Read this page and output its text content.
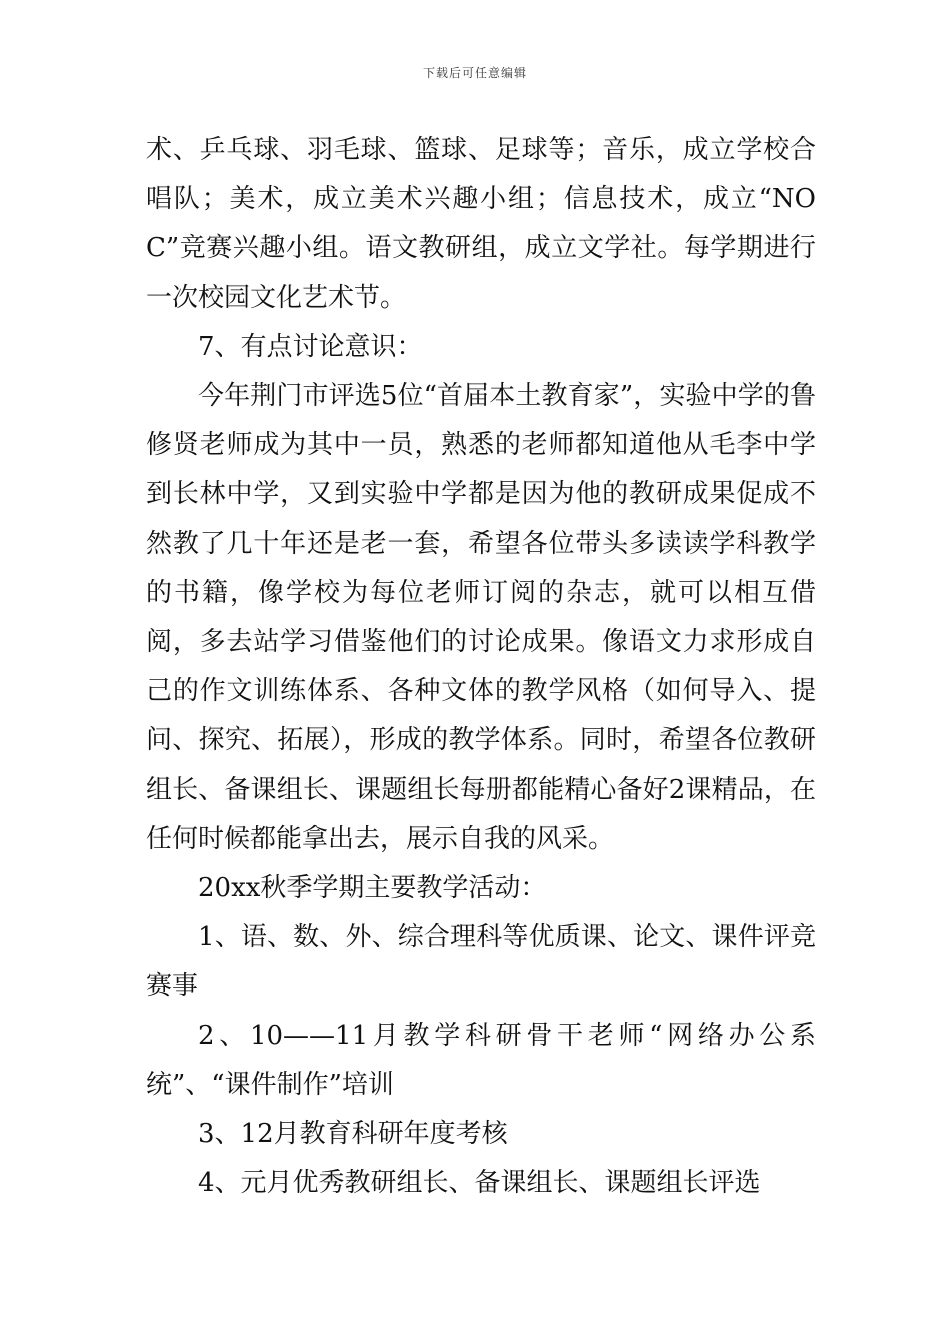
下载后可任意编辑

术、乒乓球、羽毛球、篮球、足球等；音乐，成立学校合唱队；美术，成立美术兴趣小组；信息技术，成立“NOC”竞赛兴趣小组。语文教研组，成立文学社。每学期进行一次校园文化艺术节。

7、有点讨论意识：

今年荆门市评选5位“首届本土教育家”，实验中学的鲁修贤老师成为其中一员，熟悉的老师都知道他从毛李中学到长林中学，又到实验中学都是因为他的教研成果促成不然教了几十年还是老一套，希望各位带头多读读学科教学的书籍，像学校为每位老师订阅的杂志，就可以相互借阅，多去站学习借鉴他们的讨论成果。像语文力求形成自己的作文训练体系、各种文体的教学风格（如何导入、提问、探究、拓展），形成的教学体系。同时，希望各位教研组长、备课组长、课题组长每册都能精心备好2课精品，在任何时候都能拿出去，展示自我的风采。

20xx秋季学期主要教学活动：

1、语、数、外、综合理科等优质课、论文、课件评竞赛事

2、10——11月教学科研骨干老师“网络办公系统”、“课件制作”培训

3、12月教育科研年度考核

4、元月优秀教研组长、备课组长、课题组长评选
